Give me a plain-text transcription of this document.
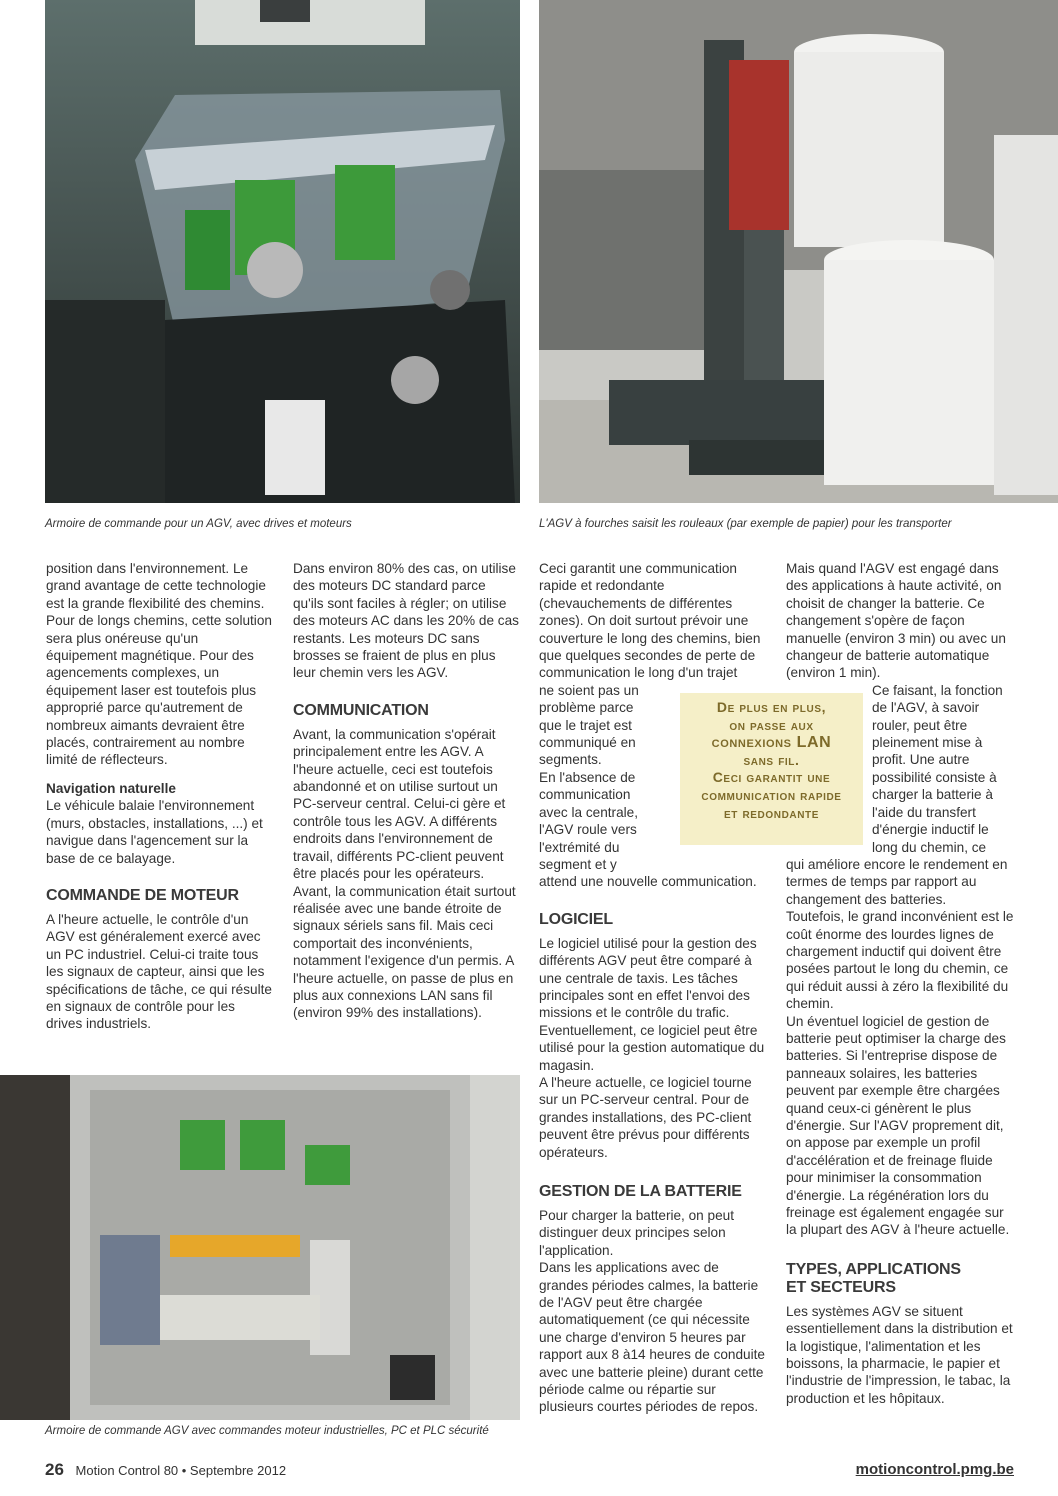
Armoire de commande pour un AGV, avec drives et moteurs	L'AGV à fourches saisit les rouleaux (par exemple de papier) pour les transporter

position dans l'environnement. Le grand avantage de cette technologie est la grande flexibilité des chemins. Pour de longs chemins, cette solution sera plus onéreuse qu'un équipement magnétique. Pour des agencements complexes, un équipement laser est toutefois plus approprié parce qu'autrement de nombreux aimants devraient être placés, contrairement au nombre limité de réflecteurs.

Navigation naturelle

Le véhicule balaie l'environnement (murs, obstacles, installations, ...) et navigue dans l'agencement sur la base de ce balayage.

COMMANDE DE MOTEUR

A l'heure actuelle, le contrôle d'un AGV est généralement exercé avec un PC industriel. Celui-ci traite tous les signaux de capteur, ainsi que les spécifications de tâche, ce qui résulte en signaux de contrôle pour les drives industriels.

Dans environ 80% des cas, on utilise des moteurs DC standard parce qu'ils sont faciles à régler; on utilise des moteurs AC dans les 20% de cas restants. Les moteurs DC sans brosses se fraient de plus en plus leur chemin vers les AGV.

COMMUNICATION

Avant, la communication s'opérait principalement entre les AGV. A l'heure actuelle, ceci est toutefois abandonné et on utilise surtout un PC-serveur central. Celui-ci gère et contrôle tous les AGV. A différents endroits dans l'environnement de travail, différents PC-client peuvent être placés pour les opérateurs. Avant, la communication était surtout réalisée avec une bande étroite de signaux sériels sans fil. Mais ceci comportait des inconvénients, notamment l'exigence d'un permis. A l'heure actuelle, on passe de plus en plus aux connexions LAN sans fil (environ 99% des installations).

Ceci garantit une communication rapide et redondante (chevauchements de différentes zones). On doit surtout prévoir une couverture le long des chemins, bien que quelques secondes de perte de communication le long d'un trajet

ne soient pas un problème parce que le trajet est communiqué en segments.

En l'absence de communication avec la centrale, l'AGV roule vers l'extrémité du segment et y

attend une nouvelle communication.

LOGICIEL

Le logiciel utilisé pour la gestion des différents AGV peut être comparé à une centrale de taxis. Les tâches principales sont en effet l'envoi des missions et le contrôle du trafic. Eventuellement, ce logiciel peut être utilisé pour la gestion automatique du magasin.

A l'heure actuelle, ce logiciel tourne sur un PC-serveur central. Pour de grandes installations, des PC-client peuvent être prévus pour différents opérateurs.

GESTION DE LA BATTERIE

Pour charger la batterie, on peut distinguer deux principes selon l'application.

Dans les applications avec de grandes périodes calmes, la batterie de l'AGV peut être chargée automatiquement (ce qui nécessite une charge d'environ 5 heures par rapport aux 8 à14 heures de conduite avec une batterie pleine) durant cette période calme ou répartie sur plusieurs courtes périodes de repos.

Mais quand l'AGV est engagé dans des applications à haute activité, on choisit de changer la batterie. Ce changement s'opère de façon manuelle (environ 3 min) ou avec un changeur de batterie automatique (environ 1 min).

Ce faisant, la fonction de l'AGV, à savoir rouler, peut être pleinement mise à profit. Une autre possibilité consiste à charger la batterie à l'aide du transfert d'énergie inductif le long du chemin, ce

qui améliore encore le rendement en termes de temps par rapport au changement des batteries.

Toutefois, le grand inconvénient est le coût énorme des lourdes lignes de chargement inductif qui doivent être posées partout le long du chemin, ce qui réduit aussi à zéro la flexibilité du chemin.

Un éventuel logiciel de gestion de batterie peut optimiser la charge des batteries. Si l'entreprise dispose de panneaux solaires, les batteries peuvent par exemple être chargées quand ceux-ci génèrent le plus d'énergie. Sur l'AGV proprement dit, on appose par exemple un profil d'accélération et de freinage fluide pour minimiser la consommation d'énergie. La régénération lors du freinage est également engagée sur la plupart des AGV à l'heure actuelle.

TYPES, APPLICATIONS ET SECTEURS

Les systèmes AGV se situent essentiellement dans la distribution et la logistique, l'alimentation et les boissons, la pharmacie, le papier et l'industrie de l'impression, le tabac, la production et les hôpitaux.

De plus en plus,
on passe aux
connexions LAN
sans fil.
Ceci garantit une
communication rapide
et redondante
Armoire de commande AGV avec commandes moteur industrielles, PC et PLC sécurité
26 Motion Control 80 • Septembre 2012	motioncontrol.pmg.be
